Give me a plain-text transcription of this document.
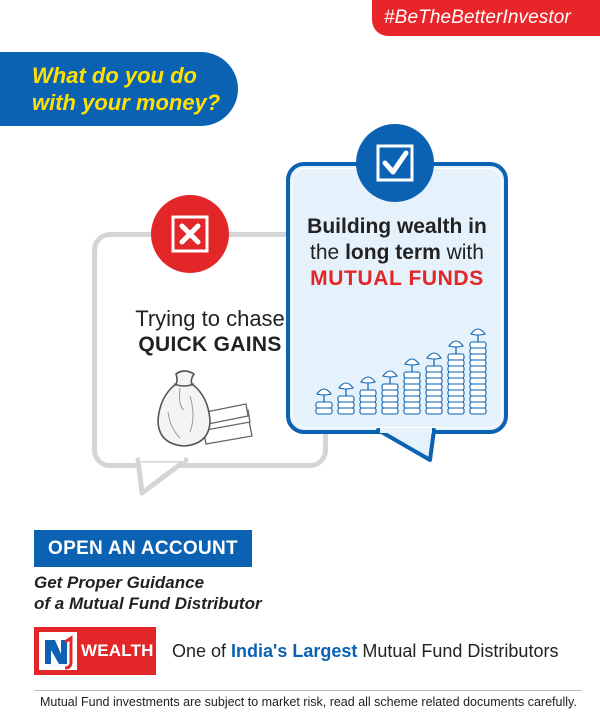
#BeTheBetterInvestor
What do you do
with your money?
Trying to chase
QUICK GAINS
Building wealth in
the long term with
MUTUAL FUNDS
OPEN AN ACCOUNT
Get Proper Guidance
of a Mutual Fund Distributor
WEALTH One of India's Largest Mutual Fund Distributors
Mutual Fund investments are subject to market risk, read all scheme related documents carefully.
